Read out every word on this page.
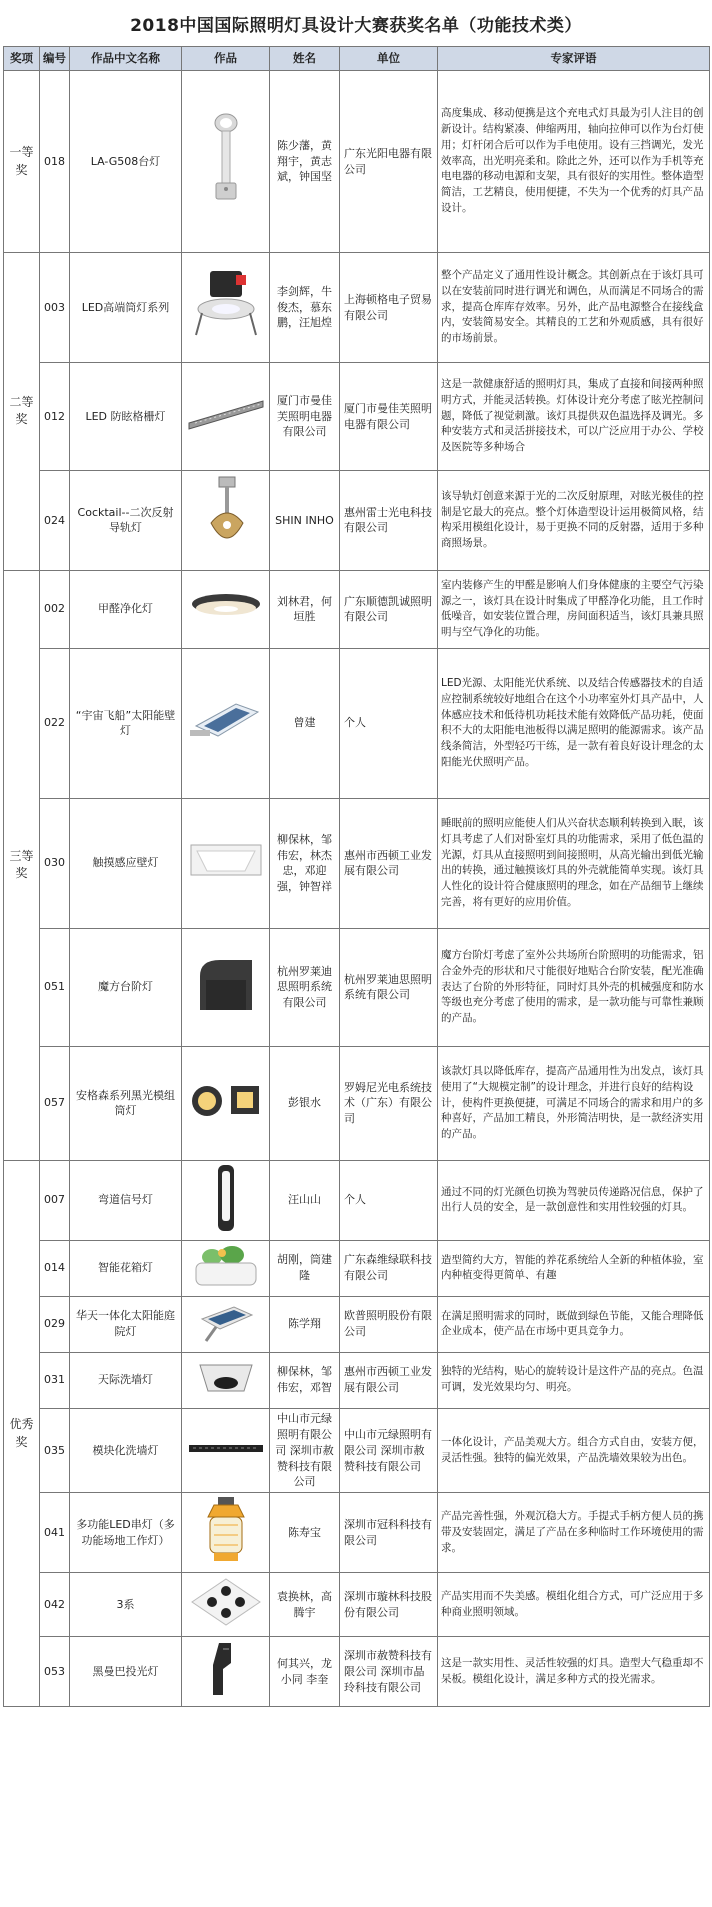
2018中国国际照明灯具设计大赛获奖名单（功能技术类）
奖项	编号	作品中文名称	作品	姓名	单位	专家评语
一等奖	018	LA-G508台灯		陈少藩，黄翔宇，黄志斌，钟国坚	广东光阳电器有限公司	高度集成、移动便携是这个充电式灯具最为引人注目的创新设计。结构紧凑、伸缩两用，轴向拉伸可以作为台灯使用；灯杆闭合后可以作为手电使用。设有三挡调光，发光效率高，出光明亮柔和。除此之外，还可以作为手机等充电电器的移动电源和支架，具有很好的实用性。整体造型简洁，工艺精良，使用便捷，不失为一个优秀的灯具产品设计。
二等奖	003	LED高端筒灯系列		李剑辉，牛俊杰，慕东鹏，汪旭煌	上海顿格电子贸易有限公司	整个产品定义了通用性设计概念。其创新点在于该灯具可以在安装前同时进行调光和调色，从而满足不同场合的需求，提高仓库库存效率。另外，此产品电源整合在接线盒内，安装简易安全。其精良的工艺和外观质感，具有很好的市场前景。
	012	LED 防眩格栅灯		厦门市曼佳芙照明电器有限公司	厦门市曼佳芙照明电器有限公司	这是一款健康舒适的照明灯具，集成了直接和间接两种照明方式，并能灵活转换。灯体设计充分考虑了眩光控制问题，降低了视觉刺激。该灯具提供双色温选择及调光。多种安装方式和灵活拼接技术，可以广泛应用于办公、学校及医院等多种场合
	024	Cocktail--二次反射导轨灯		SHIN INHO	惠州雷士光电科技有限公司	该导轨灯创意来源于光的二次反射原理，对眩光极佳的控制是它最大的亮点。整个灯体造型设计运用极简风格，结构采用模组化设计，易于更换不同的反射器，适用于多种商照场景。
三等奖	002	甲醛净化灯		刘林君，何垣胜	广东顺德凯诚照明有限公司	室内装修产生的甲醛是影响人们身体健康的主要空气污染源之一，该灯具在设计时集成了甲醛净化功能，且工作时低噪音，如安装位置合理，房间面积适当，该灯具兼具照明与空气净化的功能。
	022	“宇宙飞船”太阳能壁灯		曾建	个人	LED光源、太阳能光伏系统、以及结合传感器技术的自适应控制系统较好地组合在这个小功率室外灯具产品中，人体感应技术和低待机功耗技术能有效降低产品功耗，使面积不大的太阳能电池板得以满足照明的能源需求。该产品线条简洁，外型轻巧干练，是一款有着良好设计理念的太阳能光伏照明产品。
	030	触摸感应壁灯		柳保林，邹伟宏，林杰忠，邓迎强，钟智祥	惠州市西顿工业发展有限公司	睡眠前的照明应能使人们从兴奋状态顺利转换到入眠，该灯具考虑了人们对卧室灯具的功能需求，采用了低色温的光源，灯具从直接照明到间接照明，从高光输出到低光输出的转换，通过触摸该灯具的外壳就能简单实现。该灯具人性化的设计符合健康照明的理念，如在产品细节上继续完善，将有更好的应用价值。
	051	魔方台阶灯		杭州罗莱迪思照明系统有限公司	杭州罗莱迪思照明系统有限公司	魔方台阶灯考虑了室外公共场所台阶照明的功能需求，铝合金外壳的形状和尺寸能很好地贴合台阶安装，配光准确表达了台阶的外形特征，同时灯具外壳的机械强度和防水等级也充分考虑了使用的需求，是一款功能与可靠性兼顾的产品。
	057	安格森系列黑光模组筒灯		彭银水	罗姆尼光电系统技术（广东）有限公司	该款灯具以降低库存，提高产品通用性为出发点，该灯具使用了“大规模定制”的设计理念，并进行良好的结构设计，使构件更换便捷，可满足不同场合的需求和用户的多种喜好，产品加工精良，外形简洁明快，是一款经济实用的产品。
优秀奖	007	弯道信号灯		汪山山	个人	通过不同的灯光颜色切换为驾驶员传递路况信息，保护了出行人员的安全，是一款创意性和实用性较强的灯具。
	014	智能花箱灯		胡刚，筒建隆	广东森维绿联科技有限公司	造型简约大方，智能的养花系统给人全新的种植体验，室内种植变得更简单、有趣
	029	华天一体化太阳能庭院灯		陈学翔	欧普照明股份有限公司	在满足照明需求的同时，既做到绿色节能，又能合理降低企业成本，使产品在市场中更具竞争力。
	031	天际洗墙灯		柳保林，邹伟宏，邓智	惠州市西顿工业发展有限公司	独特的光结构，贴心的旋转设计是这件产品的亮点。色温可调，发光效果均匀、明亮。
	035	模块化洗墙灯		中山市元绿照明有限公司 深圳市赦赞科技有限公司	中山市元绿照明有限公司 深圳市赦赞科技有限公司	一体化设计，产品美观大方。组合方式自由，安装方便，灵活性强。独特的偏光效果，产品洗墙效果较为出色。
	041	多功能LED串灯（多功能场地工作灯）		陈寿宝	深圳市冠科科技有限公司	产品完善性强，外观沉稳大方。手提式手柄方便人员的携带及安装固定，满足了产品在多种临时工作环境使用的需求。
	042	3系		袁换林，高腾宇	深圳市璇林科技股份有限公司	产品实用而不失美感。模组化组合方式，可广泛应用于多种商业照明领域。
	053	黑曼巴投光灯		何其兴，龙小同 李奎	深圳市赦赞科技有限公司 深圳市晶玲科技有限公司	这是一款实用性、灵活性较强的灯具。造型大气稳重却不呆板。模组化设计，满足多种方式的投光需求。
